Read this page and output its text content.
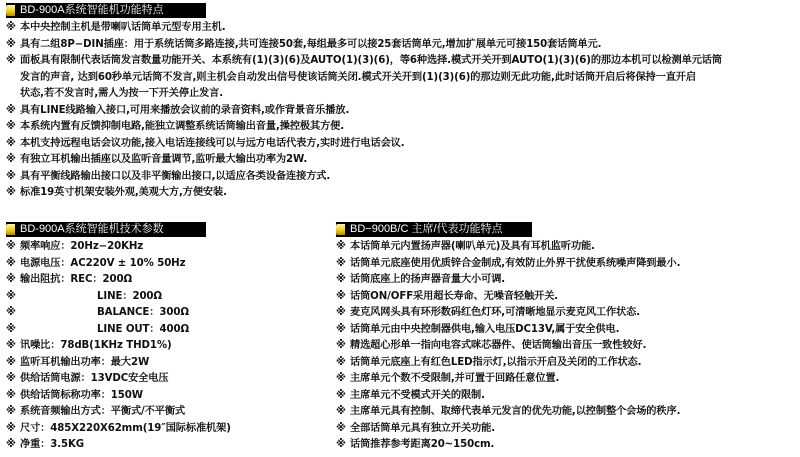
BD-900A系统智能机功能特点
※ 本中央控制主机是带喇叭话筒单元型专用主机.
※ 具有二组8P−DIN插座：用于系统话筒多路连接,共可连接50套,每组最多可以接25套话筒单元,增加扩展单元可接150套话筒单元.
※ 面板具有限制代表话筒发言数量功能开关、本系统有(1)(3)(6)及AUTO(1)(3)(6)，等6种选择.模式开关开到AUTO(1)(3)(6)的那边本机可以检测单元话筒
发言的声音, 达到60秒单元话筒不发言,则主机会自动发出信号使该话筒关闭.模式开关开到(1)(3)(6)的那边则无此功能,此时话筒开启后将保持一直开启
状态,若不发言时,需人为按一下开关停止发言.
※ 具有LINE线路输入接口,可用来播放会议前的录音资料,或作背景音乐播放.
※ 本系统内置有反馈抑制电路,能独立调整系统话筒输出音量,操控极其方便.
※ 本机支持远程电话会议功能,接入电话连接线可以与远方电话代表方,实时进行电话会议.
※ 有独立耳机输出插座以及监听音量调节,监听最大输出功率为2W.
※ 具有平衡线路输出接口以及非平衡输出接口,以适应各类设备连接方式.
※ 标准19英寸机架安装外观,美观大方,方便安装.
BD-900A系统智能机技术参数
※ 频率响应：20Hz−20KHz
※ 电源电压：AC220V ± 10% 50Hz
※ 输出阻抗：REC：200Ω
※	LINE：200Ω
※	BALANCE：300Ω
※	LINE OUT：400Ω
※ 讯噪比：78dB(1KHz THD1%)
※ 监听耳机输出功率：最大2W
※ 供给话筒电源：13VDC安全电压
※ 供给话筒标称功率：150W
※ 系统音频输出方式：平衡式/不平衡式
※ 尺寸：485X220X62mm(19″国际标准机架)
※ 净重：3.5KG
BD−900B/C 主席/代表功能特点
※ 本话筒单元内置扬声器(喇叭单元)及具有耳机监听功能.
※ 话筒单元底座使用优质锌合金制成,有效防止外界干扰使系统噪声降到最小.
※ 话筒底座上的扬声器音量大小可调.
※ 话筒ON/OFF采用超长寿命、无噪音轻触开关.
※ 麦克风网头具有环形数码红色灯环,可清晰地显示麦克风工作状态.
※ 话筒单元由中央控制器供电,输入电压DC13V,属于安全供电.
※ 精选超心形单一指向电容式咪芯器件、使话筒输出音压一致性较好.
※ 话筒单元底座上有红色LED指示灯,以指示开启及关闭的工作状态.
※ 主席单元个数不受限制,并可置于回路任意位置.
※ 主席单元不受模式开关的限制.
※ 主席单元具有控制、取缔代表单元发言的优先功能,以控制整个会场的秩序.
※ 全部话筒单元具有独立开关功能.
※ 话筒推荐参考距离20~150cm.
